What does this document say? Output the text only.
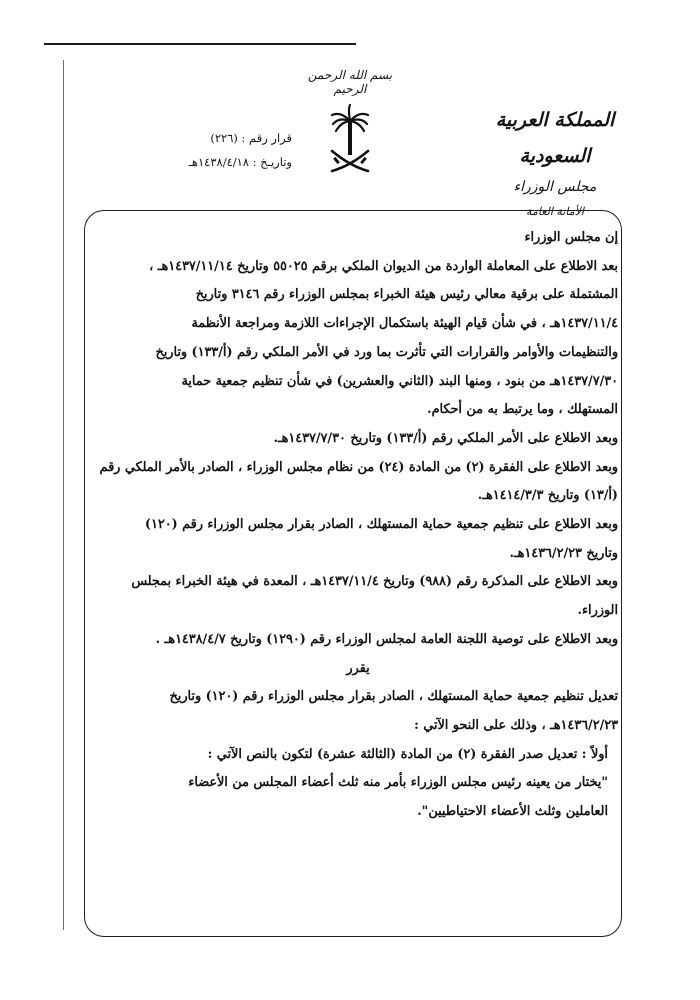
بسم الله الرحمن الرحيم
المملكة العربية السعودية
مجلس الوزراء
الأمانة العامة
قرار رقم : (٢٢٦)
وتاريـخ : ١٤٣٨/٤/١٨هـ

إن مجلس الوزراء

بعد الاطلاع على المعاملة الواردة من الديوان الملكي برقم ٥٥٠٢٥ وتاريخ ١٤٣٧/١١/١٤هـ ،

المشتملة على برقية معالي رئيس هيئة الخبراء بمجلس الوزراء رقم ٣١٤٦ وتاريخ

١٤٣٧/١١/٤هـ ، في شأن قيام الهيئة باستكمال الإجراءات اللازمة ومراجعة الأنظمة

والتنظيمات والأوامر والقرارات التي تأثرت بما ورد في الأمر الملكي رقم (أ/١٣٣) وتاريخ

١٤٣٧/٧/٣٠هـ من بنود ، ومنها البند (الثاني والعشرين) في شأن تنظيم جمعية حماية

المستهلك ، وما يرتبط به من أحكام.

وبعد الاطلاع على الأمر الملكي رقم (أ/١٣٣) وتاريخ ١٤٣٧/٧/٣٠هـ.

وبعد الاطلاع على الفقرة (٢) من المادة (٢٤) من نظام مجلس الوزراء ، الصادر بالأمر الملكي رقم

(أ/١٣) وتاريخ ١٤١٤/٣/٣هـ.

وبعد الاطلاع على تنظيم جمعية حماية المستهلك ، الصادر بقرار مجلس الوزراء رقم (١٢٠)

وتاريخ ١٤٣٦/٢/٢٣هـ.

وبعد الاطلاع على المذكرة رقم (٩٨٨) وتاريخ ١٤٣٧/١١/٤هـ ، المعدة في هيئة الخبراء بمجلس

الوزراء.

وبعد الاطلاع على توصية اللجنة العامة لمجلس الوزراء رقم (١٢٩٠) وتاريخ ١٤٣٨/٤/٧هـ .

يقرر

تعديل تنظيم جمعية حماية المستهلك ، الصادر بقرار مجلس الوزراء رقم (١٢٠) وتاريخ

١٤٣٦/٢/٢٣هـ ، وذلك على النحو الآتي :

أولاً : تعديل صدر الفقرة (٢) من المادة (الثالثة عشرة) لتكون بالنص الآتي :

"يختار من يعينه رئيس مجلس الوزراء بأمر منه ثلث أعضاء المجلس من الأعضاء

العاملين وثلث الأعضاء الاحتياطيين".
